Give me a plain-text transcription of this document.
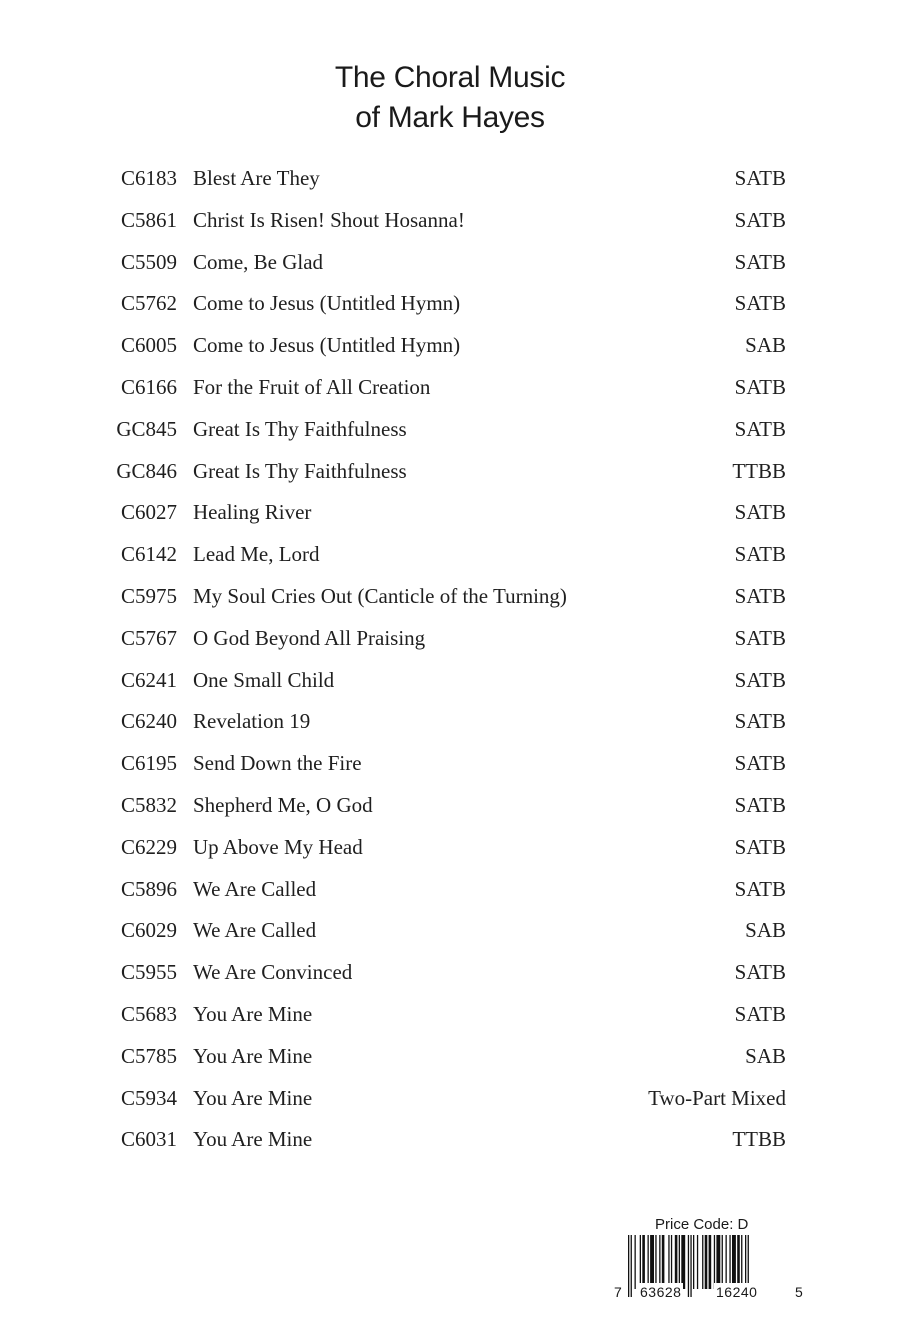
The Choral Music
of Mark Hayes
C6183 Blest Are They	SATB
C5861 Christ Is Risen! Shout Hosanna!	SATB
C5509 Come, Be Glad	SATB
C5762 Come to Jesus (Untitled Hymn)	SATB
C6005 Come to Jesus (Untitled Hymn)	SAB
C6166 For the Fruit of All Creation	SATB
GC845 Great Is Thy Faithfulness	SATB
GC846 Great Is Thy Faithfulness	TTBB
C6027 Healing River	SATB
C6142 Lead Me, Lord	SATB
C5975 My Soul Cries Out (Canticle of the Turning)	SATB
C5767 O God Beyond All Praising	SATB
C6241 One Small Child	SATB
C6240 Revelation 19	SATB
C6195 Send Down the Fire	SATB
C5832 Shepherd Me, O God	SATB
C6229 Up Above My Head	SATB
C5896 We Are Called	SATB
C6029 We Are Called	SAB
C5955 We Are Convinced	SATB
C5683 You Are Mine	SATB
C5785 You Are Mine	SAB
C5934 You Are Mine	Two-Part Mixed
C6031 You Are Mine	TTBB
Price Code: D
7 63628 16240	5
